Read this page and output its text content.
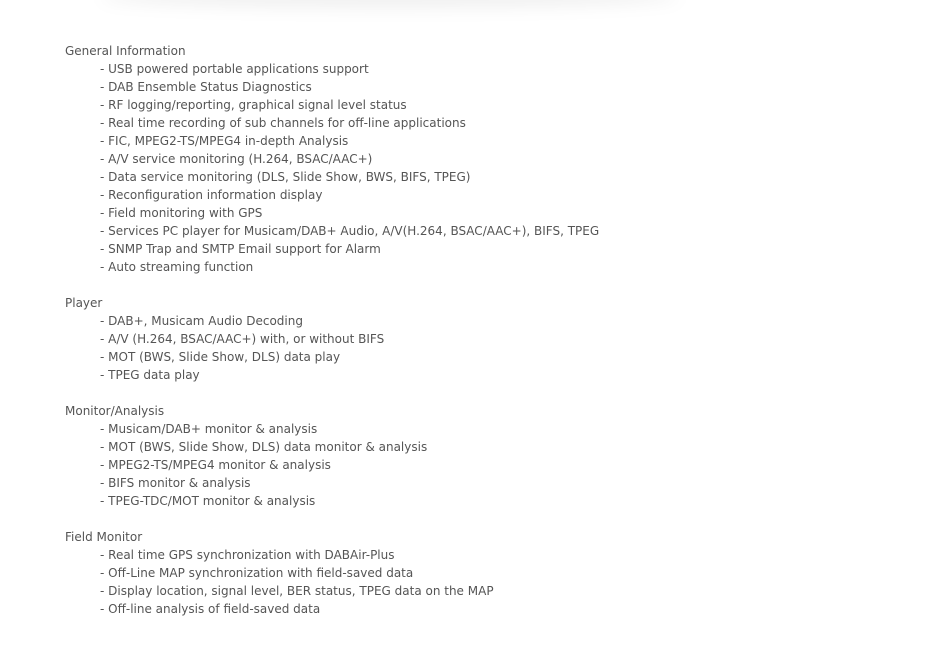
General Information
- USB powered portable applications support
- DAB Ensemble Status Diagnostics
- RF logging/reporting, graphical signal level status
- Real time recording of sub channels for off-line applications
- FIC, MPEG2-TS/MPEG4 in-depth Analysis
- A/V service monitoring (H.264, BSAC/AAC+)
- Data service monitoring (DLS, Slide Show, BWS, BIFS, TPEG)
- Reconfiguration information display
- Field monitoring with GPS
- Services PC player for Musicam/DAB+ Audio, A/V(H.264, BSAC/AAC+), BIFS, TPEG
- SNMP Trap and SMTP Email support for Alarm
- Auto streaming function
Player
- DAB+, Musicam Audio Decoding
- A/V (H.264, BSAC/AAC+) with, or without BIFS
- MOT (BWS, Slide Show, DLS) data play
- TPEG data play
Monitor/Analysis
- Musicam/DAB+ monitor & analysis
- MOT (BWS, Slide Show, DLS) data monitor & analysis
- MPEG2-TS/MPEG4 monitor & analysis
- BIFS monitor & analysis
- TPEG-TDC/MOT monitor & analysis
Field Monitor
- Real time GPS synchronization with DABAir-Plus
- Off-Line MAP synchronization with field-saved data
- Display location, signal level, BER status, TPEG data on the MAP
- Off-line analysis of field-saved data
